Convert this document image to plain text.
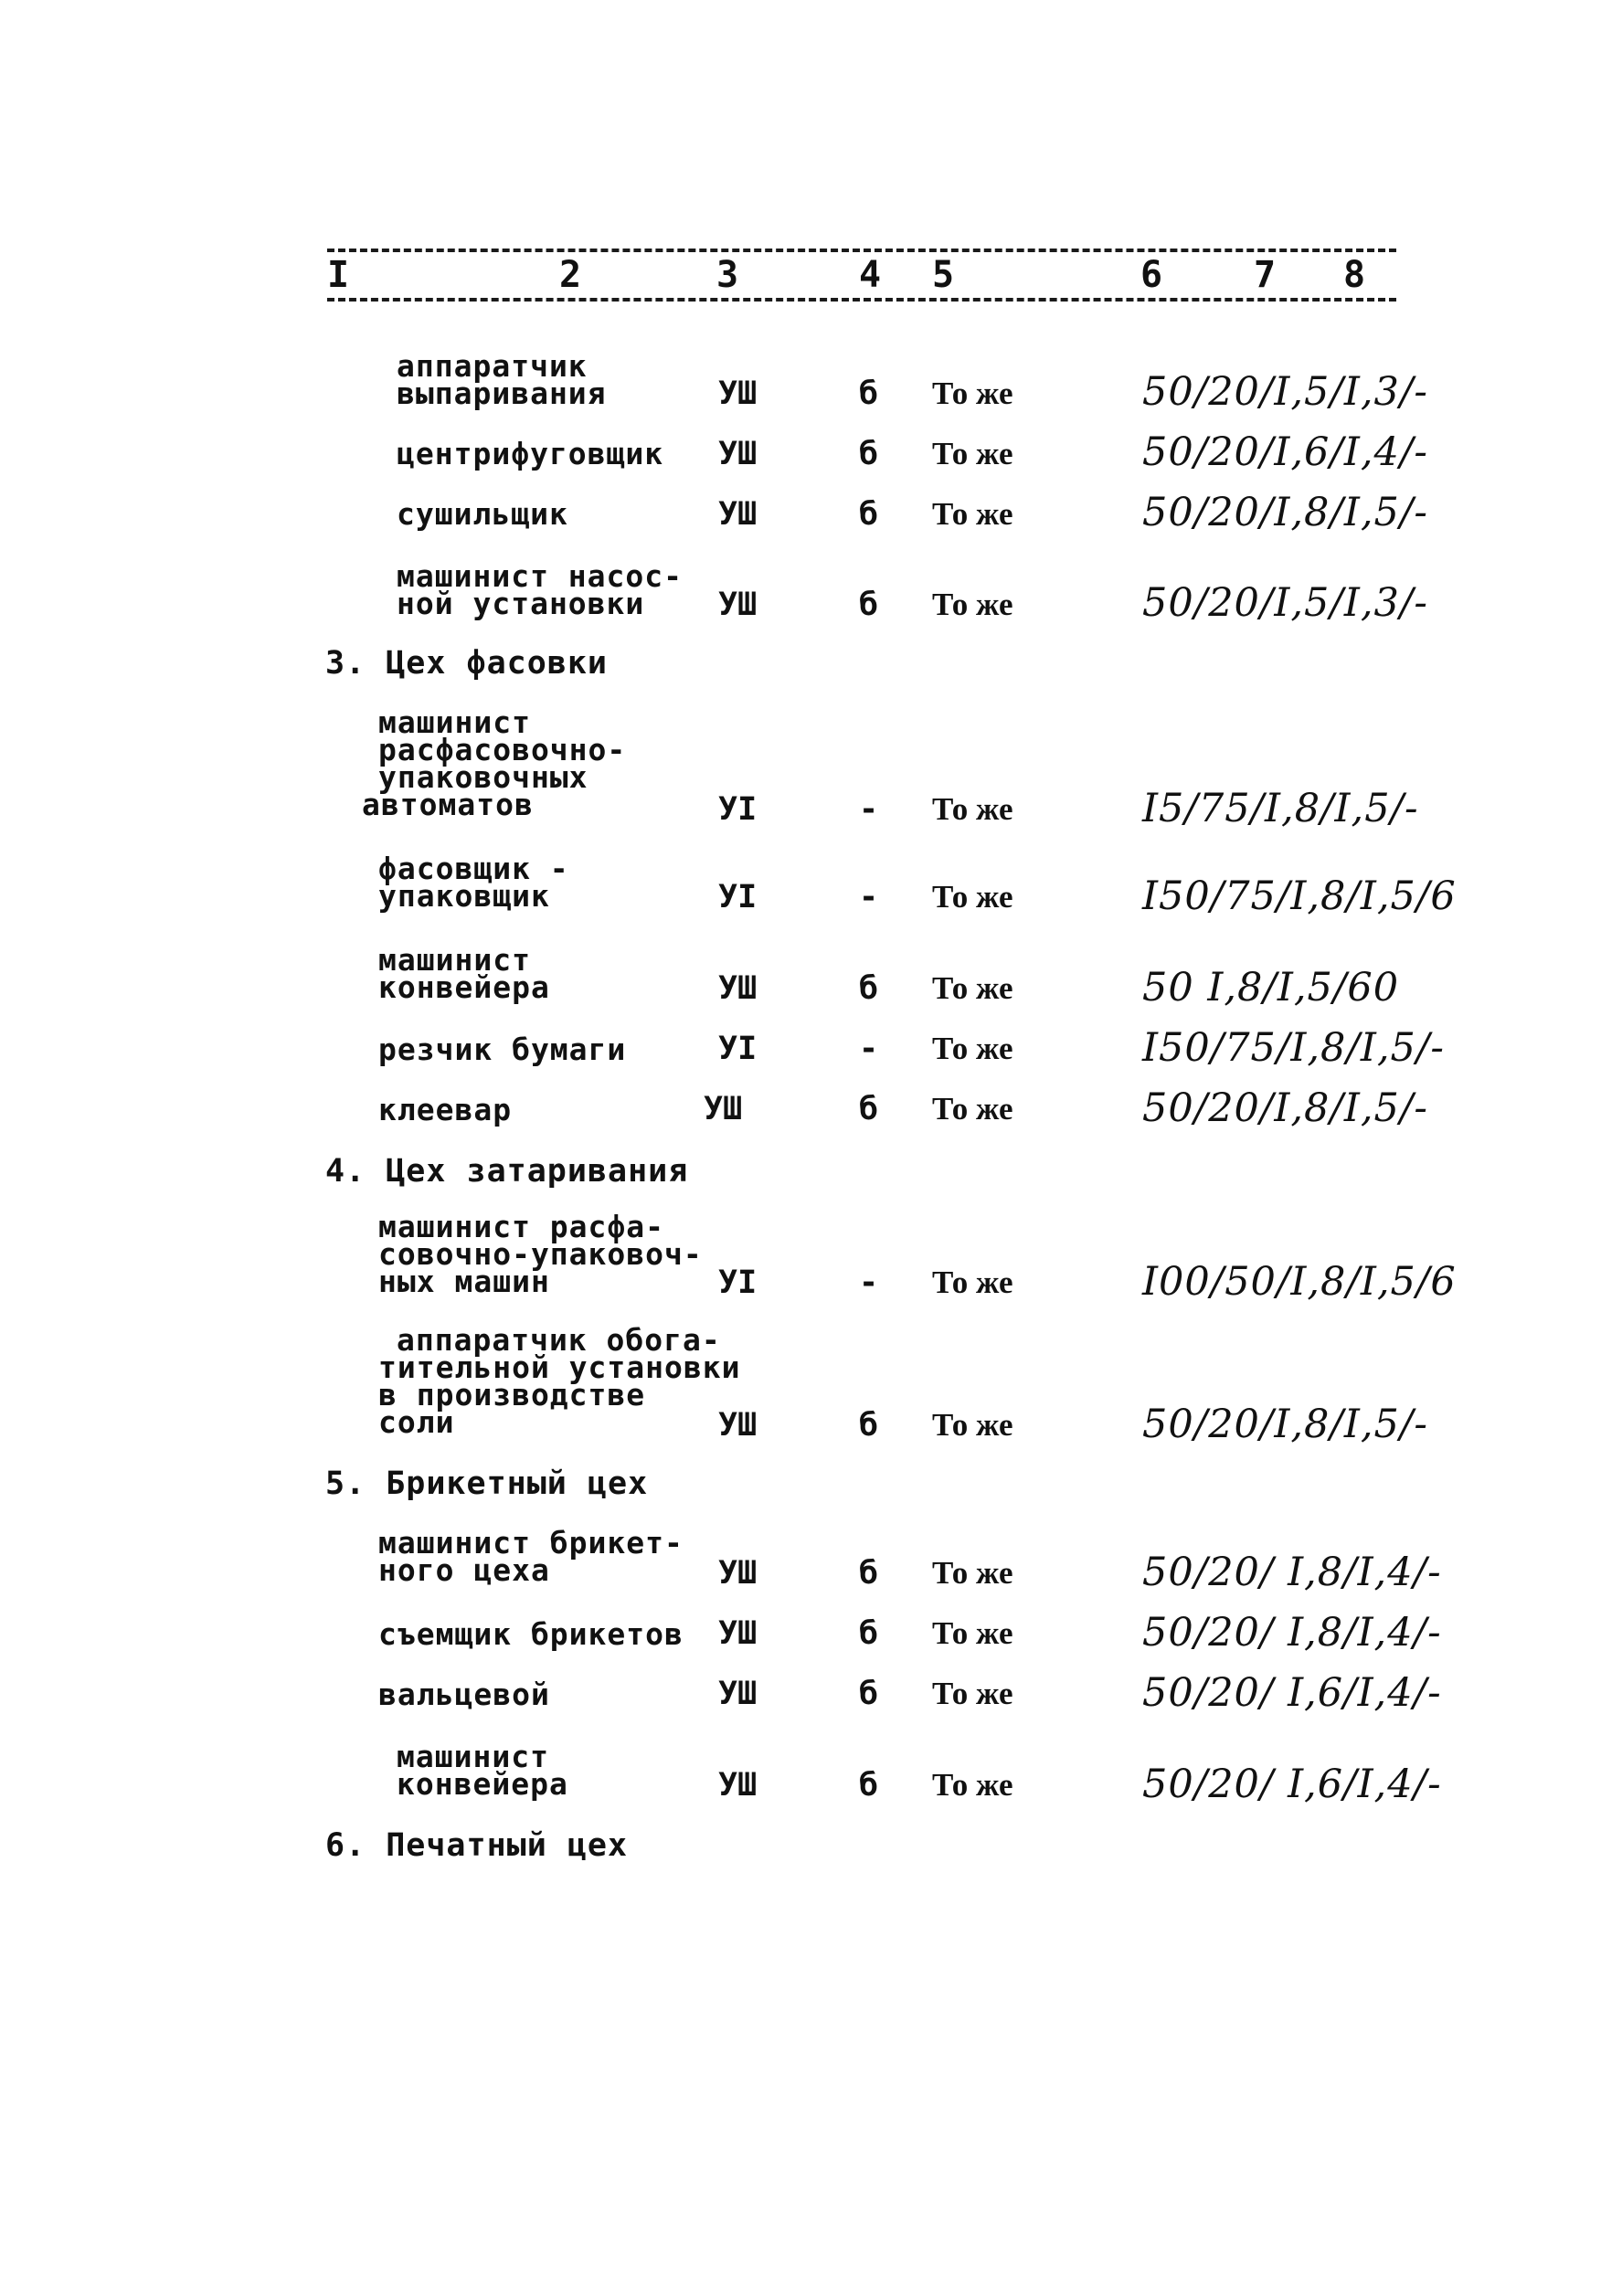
I	2	3	4 5	6 7 8
аппаратчик
выпаривания	УШ	б То же	50/20/I,5/I,3/-
центрифуговщик УШ	б То же	50/20/I,6/I,4/-
сушильщик	УШ	б То же	50/20/I,8/I,5/-
машинист насос-
ной установки УШ	б То же	50/20/I,5/I,3/-
3. Цех фасовки
машинист
расфасовочно-
упаковочных
автоматов	УI	- То же	I5/75/I,8/I,5/-
фасовщик -
упаковщик	УI	- То же	I50/75/I,8/I,5/6
машинист
конвейера	УШ	б То же	50 I,8/I,5/60
резчик бумаги	УI	- То же	I50/75/I,8/I,5/-
клеевар	УШ	б То же	50/20/I,8/I,5/-
4. Цех затаривания
машинист расфа-
совочно-упаковоч-
ных машин	УI	- То же	I00/50/I,8/I,5/6
аппаратчик обога-
тительной установки
в производстве
соли	УШ	б То же	50/20/I,8/I,5/-
5. Брикетный цех
машинист брикет-
ного цеха	УШ	б То же	50/20/ I,8/I,4/-
съемщик брикетов УШ	б То же	50/20/ I,8/I,4/-
вальцевой	УШ	б То же	50/20/ I,6/I,4/-
машинист
конвейера	УШ	б То же	50/20/ I,6/I,4/-
6. Печатный цех
